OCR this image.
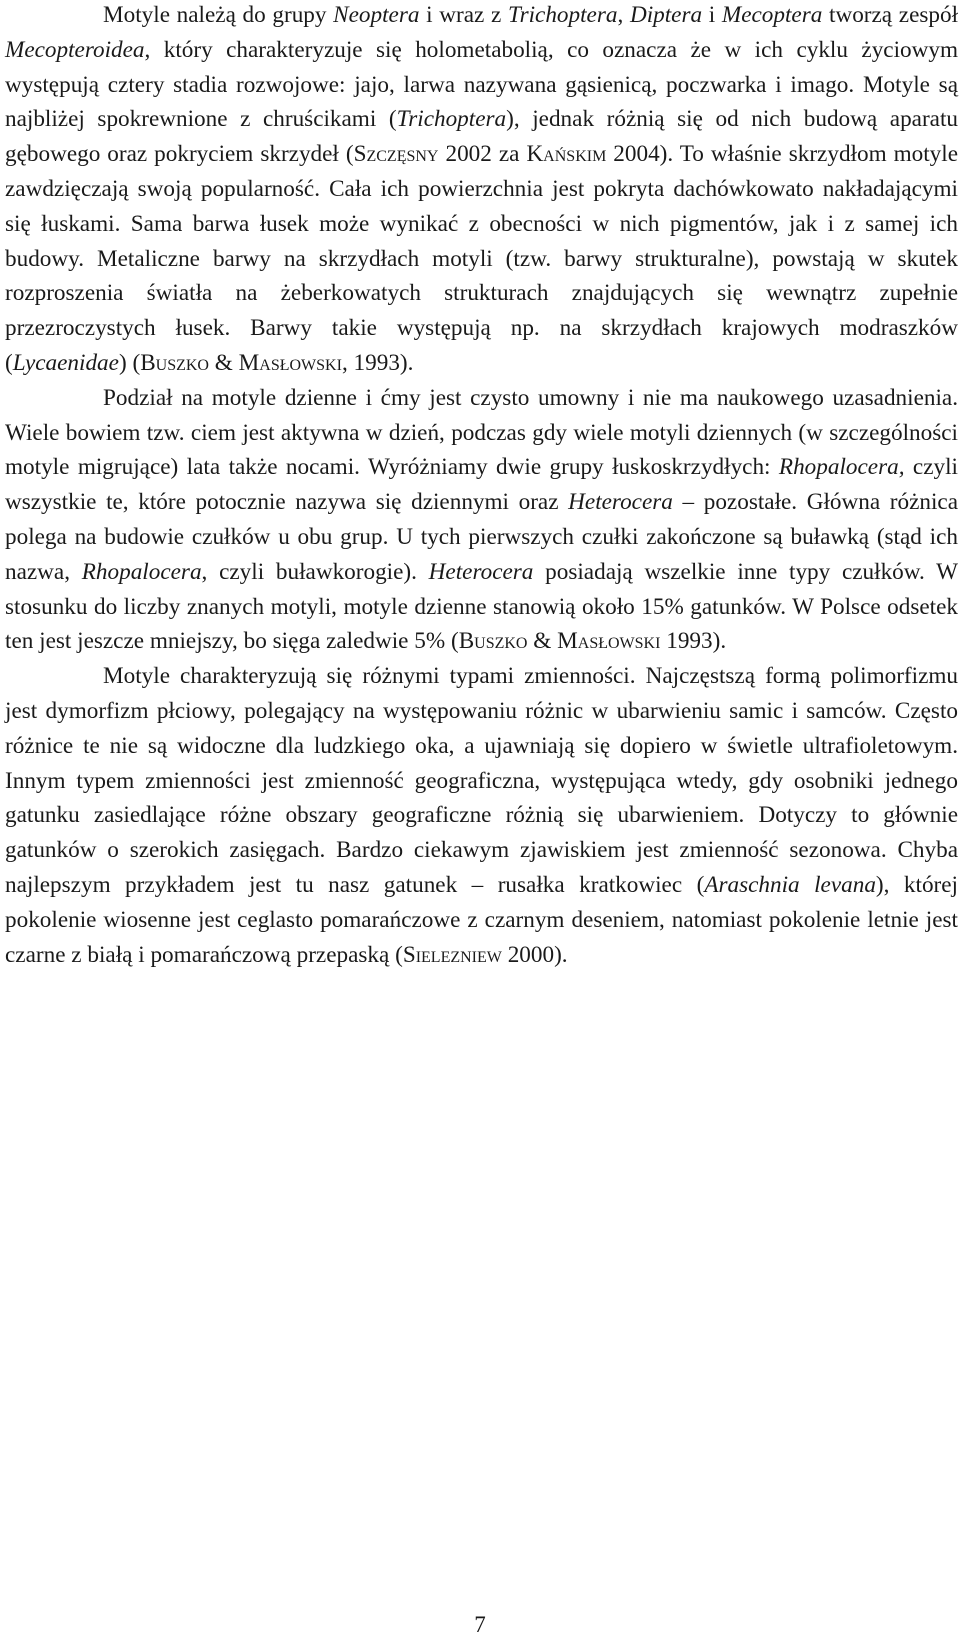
Motyle należą do grupy Neoptera i wraz z Trichoptera, Diptera i Mecoptera tworzą zespół Mecopteroidea, który charakteryzuje się holometabolią, co oznacza że w ich cyklu życiowym występują cztery stadia rozwojowe: jajo, larwa nazywana gąsienicą, poczwarka i imago. Motyle są najbliżej spokrewnione z chruścikami (Trichoptera), jednak różnią się od nich budową aparatu gębowego oraz pokryciem skrzydeł (Szczęsny 2002 za Kańskim 2004). To właśnie skrzydłom motyle zawdzięczają swoją popularność. Cała ich powierzchnia jest pokryta dachówkowato nakładającymi się łuskami. Sama barwa łusek może wynikać z obecności w nich pigmentów, jak i z samej ich budowy. Metaliczne barwy na skrzydłach motyli (tzw. barwy strukturalne), powstają w skutek rozproszenia światła na żeberkowatych strukturach znajdujących się wewnątrz zupełnie przezroczystych łusek. Barwy takie występują np. na skrzydłach krajowych modraszków (Lycaenidae) (Buszko & Masłowski, 1993).

Podział na motyle dzienne i ćmy jest czysto umowny i nie ma naukowego uzasadnienia. Wiele bowiem tzw. ciem jest aktywna w dzień, podczas gdy wiele motyli dziennych (w szczególności motyle migrujące) lata także nocami. Wyróżniamy dwie grupy łuskoskrzydłych: Rhopalocera, czyli wszystkie te, które potocznie nazywa się dziennymi oraz Heterocera – pozostałe. Główna różnica polega na budowie czułków u obu grup. U tych pierwszych czułki zakończone są buławką (stąd ich nazwa, Rhopalocera, czyli buławkorogie). Heterocera posiadają wszelkie inne typy czułków. W stosunku do liczby znanych motyli, motyle dzienne stanowią około 15% gatunków. W Polsce odsetek ten jest jeszcze mniejszy, bo sięga zaledwie 5% (Buszko & Masłowski 1993).

Motyle charakteryzują się różnymi typami zmienności. Najczęstszą formą polimorfizmu jest dymorfizm płciowy, polegający na występowaniu różnic w ubarwieniu samic i samców. Często różnice te nie są widoczne dla ludzkiego oka, a ujawniają się dopiero w świetle ultrafioletowym. Innym typem zmienności jest zmienność geograficzna, występująca wtedy, gdy osobniki jednego gatunku zasiedlające różne obszary geograficzne różnią się ubarwieniem. Dotyczy to głównie gatunków o szerokich zasięgach. Bardzo ciekawym zjawiskiem jest zmienność sezonowa. Chyba najlepszym przykładem jest tu nasz gatunek – rusałka kratkowiec (Araschnia levana), której pokolenie wiosenne jest ceglasto pomarańczowe z czarnym deseniem, natomiast pokolenie letnie jest czarne z białą i pomarańczową przepaską (Sielezniew 2000).

7
